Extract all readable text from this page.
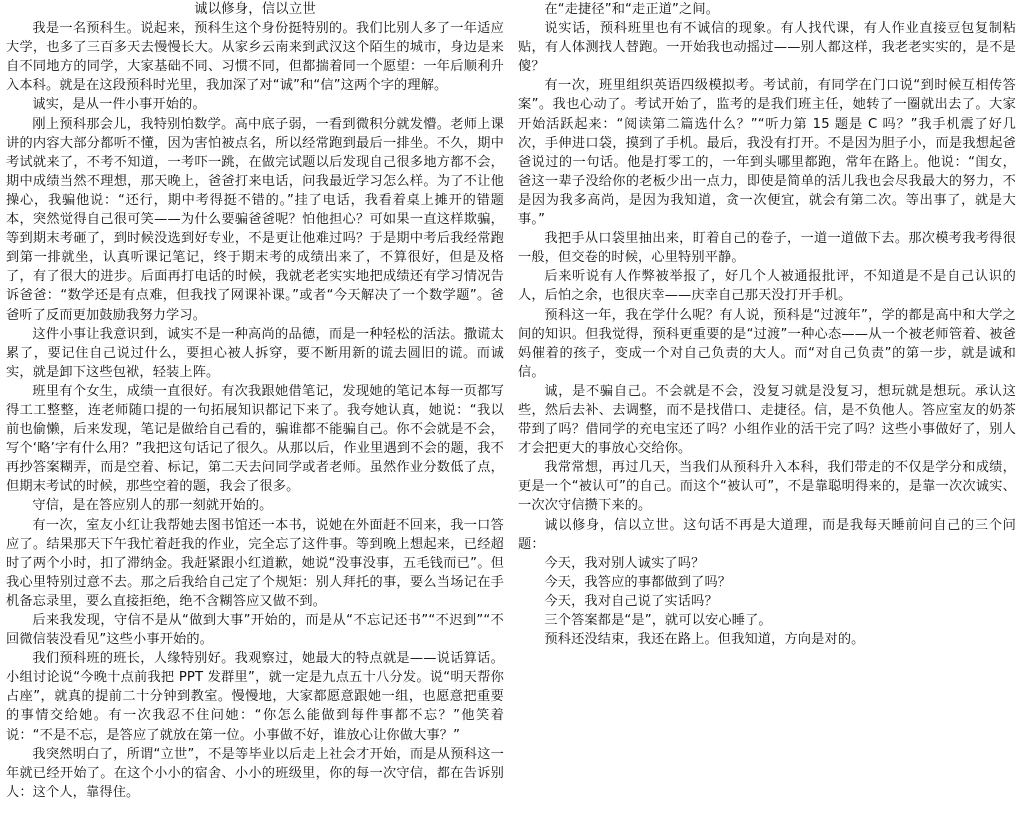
诚以修身，信以立世

我是一名预科生。说起来，预科生这个身份挺特别的。我们比别人多了一年适应大学，也多了三百多天去慢慢长大。从家乡云南来到武汉这个陌生的城市，身边是来自不同地方的同学，大家基础不同、习惯不同，但都揣着同一个愿望：一年后顺利升入本科。就是在这段预科时光里，我加深了对“诚”和“信”这两个字的理解。

诚实，是从一件小事开始的。

刚上预科那会儿，我特别怕数学。高中底子弱，一看到微积分就发懵。老师上课讲的内容大部分都听不懂，因为害怕被点名，所以经常跑到最后一排坐。不久，期中考试就来了，不考不知道，一考吓一跳，在做完试题以后发现自己很多地方都不会，期中成绩当然不理想，那天晚上，爸爸打来电话，问我最近学习怎么样。为了不让他操心，我骗他说：“还行，期中考得挺不错的。”挂了电话，我看着桌上摊开的错题本，突然觉得自己很可笑——为什么要骗爸爸呢？怕他担心？可如果一直这样欺骗，等到期末考砸了，到时候没选到好专业，不是更让他难过吗？于是期中考后我经常跑到第一排就坐，认真听课记笔记，终于期末考的成绩出来了，不算很好，但是及格了，有了很大的进步。后面再打电话的时候，我就老老实实地把成绩还有学习情况告诉爸爸：“数学还是有点难，但我找了网课补课。”或者“今天解决了一个数学题”。爸爸听了反而更加鼓励我努力学习。

这件小事让我意识到，诚实不是一种高尚的品德，而是一种轻松的活法。撒谎太累了，要记住自己说过什么，要担心被人拆穿，要不断用新的谎去圆旧的谎。而诚实，就是卸下这些包袱，轻装上阵。

班里有个女生，成绩一直很好。有次我跟她借笔记，发现她的笔记本每一页都写得工工整整，连老师随口提的一句拓展知识都记下来了。我夸她认真，她说：“我以前也偷懒，后来发现，笔记是做给自己看的，骗谁都不能骗自己。你不会就是不会，写个‘略’字有什么用？”我把这句话记了很久。从那以后，作业里遇到不会的题，我不再抄答案糊弄，而是空着、标记，第二天去问同学或者老师。虽然作业分数低了点，但期末考试的时候，那些空着的题，我会了很多。

守信，是在答应别人的那一刻就开始的。

有一次，室友小红让我帮她去图书馆还一本书，说她在外面赶不回来，我一口答应了。结果那天下午我忙着赶我的作业，完全忘了这件事。等到晚上想起来，已经超时了两个小时，扣了滞纳金。我赶紧跟小红道歉，她说“没事没事，五毛钱而已”。但我心里特别过意不去。那之后我给自己定了个规矩：别人拜托的事，要么当场记在手机备忘录里，要么直接拒绝，绝不含糊答应又做不到。

后来我发现，守信不是从“做到大事”开始的，而是从“不忘记还书”“不迟到”“不回微信装没看见”这些小事开始的。

我们预科班的班长，人缘特别好。我观察过，她最大的特点就是——说话算话。小组讨论说“今晚十点前我把 PPT 发群里”，就一定是九点五十八分发。说“明天帮你占座”，就真的提前二十分钟到教室。慢慢地，大家都愿意跟她一组，也愿意把重要的事情交给她。有一次我忍不住问她：“你怎么能做到每件事都不忘？”他笑着说：“不是不忘，是答应了就放在第一位。小事做不好，谁放心让你做大事？”

我突然明白了，所谓“立世”，不是等毕业以后走上社会才开始，而是从预科这一年就已经开始了。在这个小小的宿舍、小小的班级里，你的每一次守信，都在告诉别人：这个人，靠得住。

在“走捷径”和“走正道”之间。

说实话，预科班里也有不诚信的现象。有人找代课，有人作业直接豆包复制粘贴，有人体测找人替跑。一开始我也动摇过——别人都这样，我老老实实的，是不是傻？

有一次，班里组织英语四级模拟考。考试前，有同学在门口说“到时候互相传答案”。我也心动了。考试开始了，监考的是我们班主任，她转了一圈就出去了。大家开始活跃起来：“阅读第二篇选什么？”“听力第 15 题是 C 吗？”我手机震了好几次，手伸进口袋，摸到了手机。最后，我没有打开。不是因为胆子小，而是我想起爸爸说过的一句话。他是打零工的，一年到头哪里都跑，常年在路上。他说：“闺女，爸这一辈子没给你的老板少出一点力，即使是简单的活儿我也会尽我最大的努力，不是因为我多高尚，是因为我知道，贪一次便宜，就会有第二次。等出事了，就是大事。”

我把手从口袋里抽出来，盯着自己的卷子，一道一道做下去。那次模考我考得很一般，但交卷的时候，心里特别平静。

后来听说有人作弊被举报了，好几个人被通报批评，不知道是不是自己认识的人，后怕之余，也很庆幸——庆幸自己那天没打开手机。

预科这一年，我在学什么呢？有人说，预科是“过渡年”，学的都是高中和大学之间的知识。但我觉得，预科更重要的是“过渡”一种心态——从一个被老师管着、被爸妈催着的孩子，变成一个对自己负责的大人。而“对自己负责”的第一步，就是诚和信。

诚，是不骗自己。不会就是不会，没复习就是没复习，想玩就是想玩。承认这些，然后去补、去调整，而不是找借口、走捷径。信，是不负他人。答应室友的奶茶带到了吗？借同学的充电宝还了吗？小组作业的活干完了吗？这些小事做好了，别人才会把更大的事放心交给你。

我常常想，再过几天，当我们从预科升入本科，我们带走的不仅是学分和成绩，更是一个“被认可”的自己。而这个“被认可”，不是靠聪明得来的，是靠一次次诚实、一次次守信攒下来的。

诚以修身，信以立世。这句话不再是大道理，而是我每天睡前问自己的三个问题：

今天，我对别人诚实了吗？

今天，我答应的事都做到了吗？

今天，我对自己说了实话吗？

三个答案都是“是”，就可以安心睡了。

预科还没结束，我还在路上。但我知道，方向是对的。
